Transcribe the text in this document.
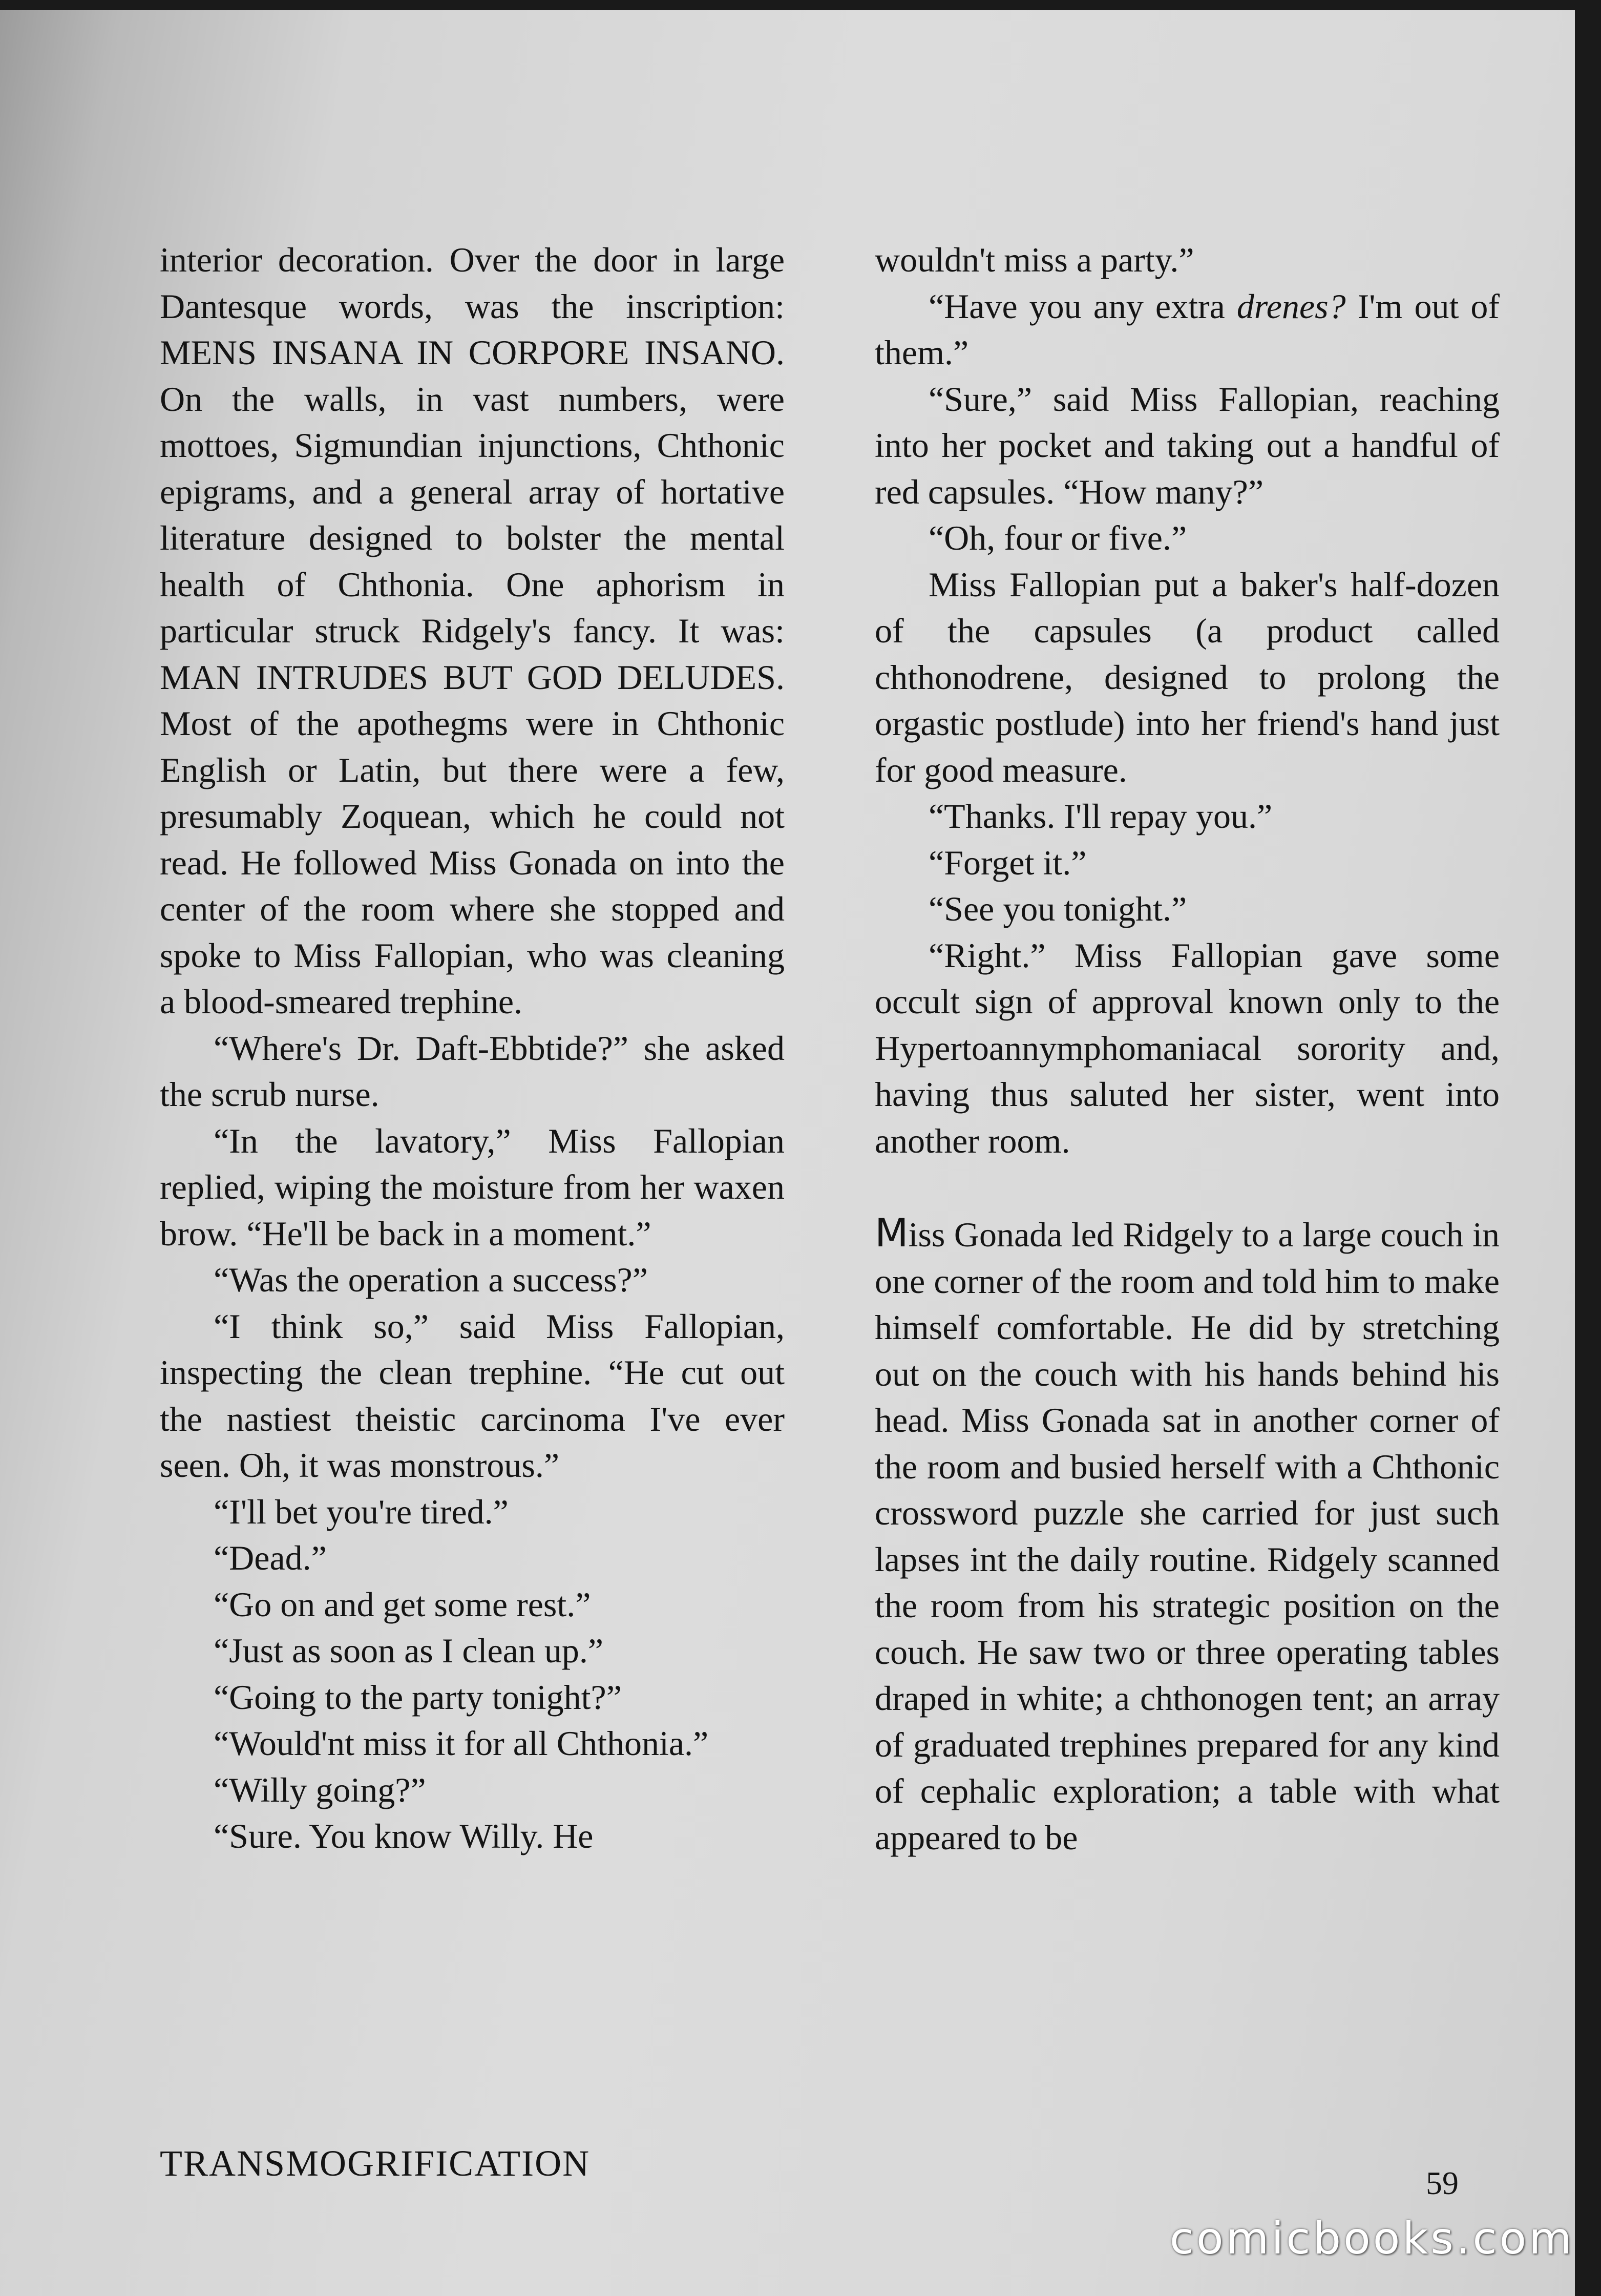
interior decoration. Over the door in large Dantesque words, was the inscription: MENS INSANA IN CORPORE INSANO. On the walls, in vast numbers, were mottoes, Sigmundian injunctions, Chthonic epigrams, and a general array of hortative literature designed to bolster the mental health of Chthonia. One aphorism in particular struck Ridgely's fancy. It was: MAN INTRUDES BUT GOD DELUDES. Most of the apothegms were in Chthonic English or Latin, but there were a few, presumably Zoquean, which he could not read. He followed Miss Gonada on into the center of the room where she stopped and spoke to Miss Fallopian, who was cleaning a blood-smeared trephine.

“Where's Dr. Daft-Ebbtide?” she asked the scrub nurse.

“In the lavatory,” Miss Fallopian replied, wiping the moisture from her waxen brow. “He'll be back in a moment.”

“Was the operation a success?”

“I think so,” said Miss Fallopian, inspecting the clean trephine. “He cut out the nastiest theistic carcinoma I've ever seen. Oh, it was monstrous.”

“I'll bet you're tired.”

“Dead.”

“Go on and get some rest.”

“Just as soon as I clean up.”

“Going to the party tonight?”

“Would'nt miss it for all Chthonia.”

“Willy going?”

“Sure. You know Willy. He

wouldn't miss a party.”

“Have you any extra drenes? I'm out of them.”

“Sure,” said Miss Fallopian, reaching into her pocket and taking out a handful of red capsules. “How many?”

“Oh, four or five.”

Miss Fallopian put a baker's half-dozen of the capsules (a product called chthonodrene, designed to prolong the orgastic postlude) into her friend's hand just for good measure.

“Thanks. I'll repay you.”

“Forget it.”

“See you tonight.”

“Right.” Miss Fallopian gave some occult sign of approval known only to the Hypertoannymphomaniacal sorority and, having thus saluted her sister, went into another room.

Miss Gonada led Ridgely to a large couch in one corner of the room and told him to make himself comfortable. He did by stretching out on the couch with his hands behind his head. Miss Gonada sat in another corner of the room and busied herself with a Chthonic crossword puzzle she carried for just such lapses int the daily routine. Ridgely scanned the room from his strategic position on the couch. He saw two or three operating tables draped in white; a chthonogen tent; an array of graduated trephines prepared for any kind of cephalic exploration; a table with what appeared to be

TRANSMOGRIFICATION	59
comicbooks.com
